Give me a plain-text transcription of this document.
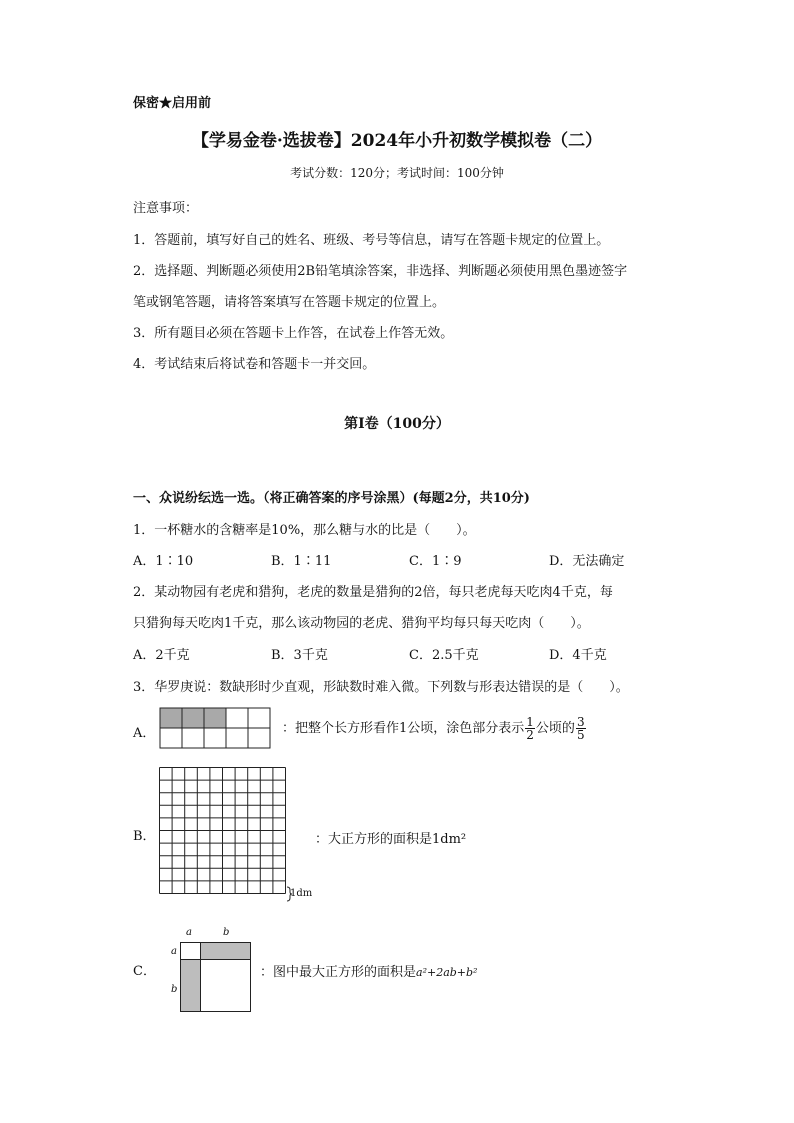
保密★启用前
【学易金卷·选拔卷】2024年小升初数学模拟卷（二）
考试分数：120分；考试时间：100分钟
注意事项：
1．答题前，填写好自己的姓名、班级、考号等信息，请写在答题卡规定的位置上。
2．选择题、判断题必须使用2B铅笔填涂答案，非选择、判断题必须使用黑色墨迹签字
笔或钢笔答题，请将答案填写在答题卡规定的位置上。
3．所有题目必须在答题卡上作答，在试卷上作答无效。
4．考试结束后将试卷和答题卡一并交回。
第I卷（100分）
一、众说纷纭选一选。（将正确答案的序号涂黑）(每题2分，共10分)
1．一杯糖水的含糖率是10%，那么糖与水的比是（　　）。
A．1∶10	B．1∶11	C．1∶9	D．无法确定
2．某动物园有老虎和猎狗，老虎的数量是猎狗的2倍，每只老虎每天吃肉4千克，每
只猎狗每天吃肉1千克，那么该动物园的老虎、猎狗平均每只每天吃肉（　　）。
A．2千克	B．3千克	C．2.5千克	D．4千克
3．华罗庚说：数缺形时少直观，形缺数时难入微。下列数与形表达错误的是（　　）。
A．	：把整个长方形看作1公顷，涂色部分表示 $\frac{1}{2}$ 公顷的 $\frac{3}{5}$
B．
1dm
：大正方形的面积是1dm²
C．
a	b
a
b
：图中最大正方形的面积是a²+2ab+b²
